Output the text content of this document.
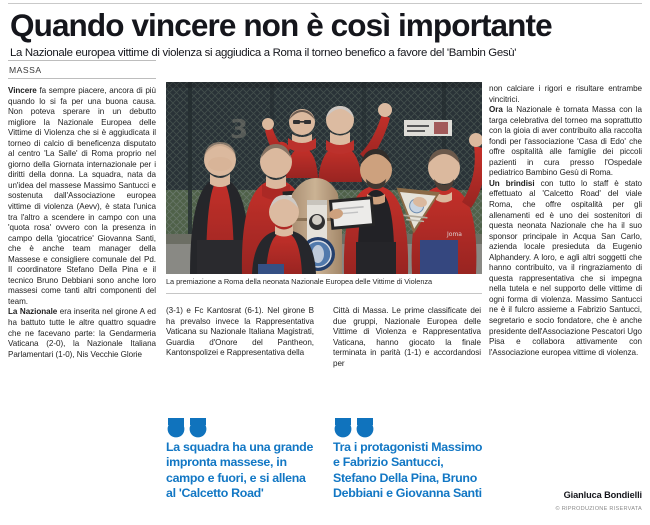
Quando vincere non è così importante
La Nazionale europea vittime di violenza si aggiudica a Roma il torneo benefico a favore del 'Bambin Gesù'
MASSA
3
Joma
La premiazione a Roma della neonata Nazionale Europea delle Vittime di Violenza

Vincere fa sempre piacere, ancora di più quando lo si fa per una buona causa. Non poteva sperare in un debutto migliore la Nazionale Europea delle Vittime di Violenza che si è aggiudicata il torneo di calcio di beneficenza disputato al centro 'La Salle' di Roma proprio nel giorno della Giornata internazionale per i diritti della donna. La squadra, nata da un'idea del massese Massimo Santucci e sostenuta dall'Associazione europea vittime di violenza (Aevv), è stata l'unica tra l'altro a scendere in campo con una 'quota rosa' ovvero con la presenza in campo della 'giocatrice' Giovanna Santi, che è anche team manager della Massese e consigliere comunale del Pd. Il coordinatore Stefano Della Pina e il tecnico Bruno Debbiani sono anche loro massesi come tanti altri componenti del team.

La Nazionale era inserita nel girone A ed ha battuto tutte le altre quattro squadre che ne facevano parte: la Gendarmeria Vaticana (2-0), la Nazionale Italiana Parlamentari (1-0), Nis Vecchie Glorie

(3-1) e Fc Kantosrat (6-1). Nel girone B ha prevalso invece la Rappresentativa Vaticana su Nazionale Italiana Magistrati, Guardia d'Onore del Pantheon, Kantonspolizei e Rappresentativa della

Città di Massa. Le prime classificate dei due gruppi, Nazionale Europea delle Vittime di Violenza e Rappresentativa Vaticana, hanno giocato la finale terminata in parità (1-1) e accordandosi per

non calciare i rigori e risultare entrambe vincitrici.

Ora la Nazionale è tornata Massa con la targa celebrativa del torneo ma soprattutto con la gioia di aver contribuito alla raccolta fondi per l'associazione 'Casa di Edo' che offre ospitalità alle famiglie dei piccoli pazienti in cura presso l'Ospedale pediatrico Bambino Gesù di Roma.

Un brindisi con tutto lo staff è stato effettuato al 'Calcetto Road' del viale Roma, che offre ospitalità per gli allenamenti ed è uno dei sostenitori di questa neonata Nazionale che ha il suo sponsor principale in Acqua San Carlo, azienda locale presieduta da Eugenio Alphandery. A loro, e agli altri soggetti che hanno contribuito, va il ringraziamento di questa rappresentativa che si impegna nella tutela e nel supporto delle vittime di ogni forma di violenza. Massimo Santucci ne è il fulcro assieme a Fabrizio Santucci, segretario e socio fondatore, che è anche presidente dell'Associazione Pescatori Ugo Pisa e collabora attivamente con l'Associazione europea vittime di violenza.

La squadra ha una grande impronta massese, in campo e fuori, e si allena al 'Calcetto Road'
Tra i protagonisti Massimo e Fabrizio Santucci, Stefano Della Pina, Bruno Debbiani e Giovanna Santi	Gianluca Bondielli
© RIPRODUZIONE RISERVATA
